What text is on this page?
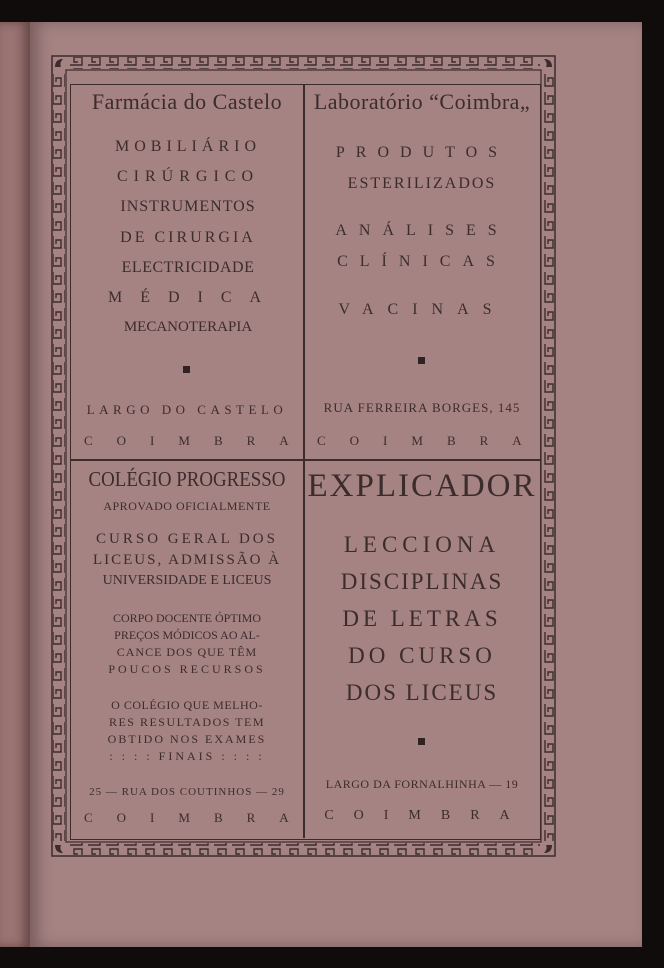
Farmácia do Castelo
MOBILIÁRIO
CIRÚRGICO
INSTRUMENTOS
DE CIRURGIA
ELECTRICIDADE
MÉDICA
MECANOTERAPIA
LARGO DO CASTELO
COIMBRA
Laboratório “Coimbra„
PRODUTOS
ESTERILIZADOS
ANÁLISES
CLÍNICAS
VACINAS
RUA FERREIRA BORGES, 145
COIMBRA
COLÉGIO PROGRESSO
APROVADO OFICIALMENTE
CURSO GERAL DOS
LICEUS, ADMISSÃO À
UNIVERSIDADE E LICEUS
CORPO DOCENTE ÓPTIMO
PREÇOS MÓDICOS AO AL-
CANCE DOS QUE TÊM
POUCOS RECURSOS
O COLÉGIO QUE MELHO-
RES RESULTADOS TEM
OBTIDO NOS EXAMES
: : : : FINAIS : : : :
25 — RUA DOS COUTINHOS — 29
COIMBRA
EXPLICADOR
LECCIONA
DISCIPLINAS
DE LETRAS
DO CURSO
DOS LICEUS
LARGO DA FORNALHINHA — 19
COIMBRA
